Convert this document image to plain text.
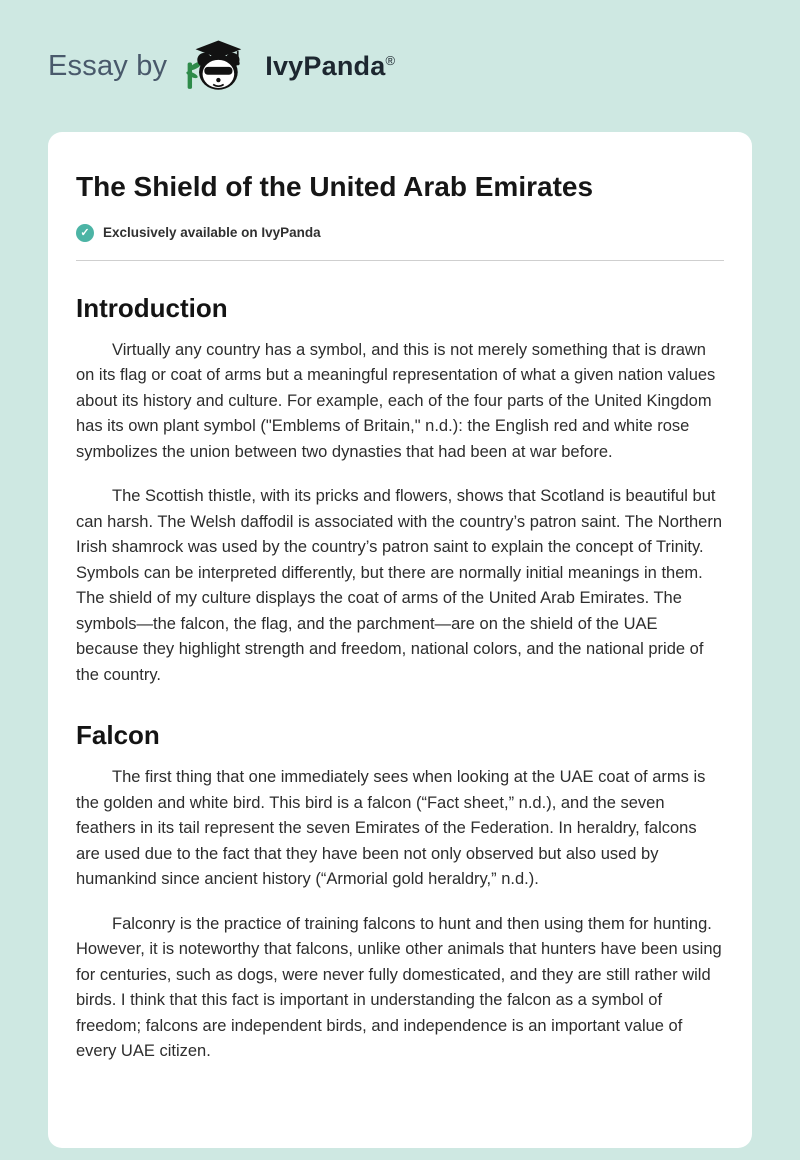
Essay by	IvyPanda®
The Shield of the United Arab Emirates
✓ Exclusively available on IvyPanda
Introduction

Virtually any country has a symbol, and this is not merely something that is drawn on its flag or coat of arms but a meaningful representation of what a given nation values about its history and culture. For example, each of the four parts of the United Kingdom has its own plant symbol ("Emblems of Britain," n.d.): the English red and white rose symbolizes the union between two dynasties that had been at war before.

The Scottish thistle, with its pricks and flowers, shows that Scotland is beautiful but can harsh. The Welsh daffodil is associated with the country’s patron saint. The Northern Irish shamrock was used by the country’s patron saint to explain the concept of Trinity. Symbols can be interpreted differently, but there are normally initial meanings in them. The shield of my culture displays the coat of arms of the United Arab Emirates. The symbols—the falcon, the flag, and the parchment—are on the shield of the UAE because they highlight strength and freedom, national colors, and the national pride of the country.

Falcon

The first thing that one immediately sees when looking at the UAE coat of arms is the golden and white bird. This bird is a falcon (“Fact sheet,” n.d.), and the seven feathers in its tail represent the seven Emirates of the Federation. In heraldry, falcons are used due to the fact that they have been not only observed but also used by humankind since ancient history (“Armorial gold heraldry,” n.d.).

Falconry is the practice of training falcons to hunt and then using them for hunting. However, it is noteworthy that falcons, unlike other animals that hunters have been using for centuries, such as dogs, were never fully domesticated, and they are still rather wild birds. I think that this fact is important in understanding the falcon as a symbol of freedom; falcons are independent birds, and independence is an important value of every UAE citizen.
